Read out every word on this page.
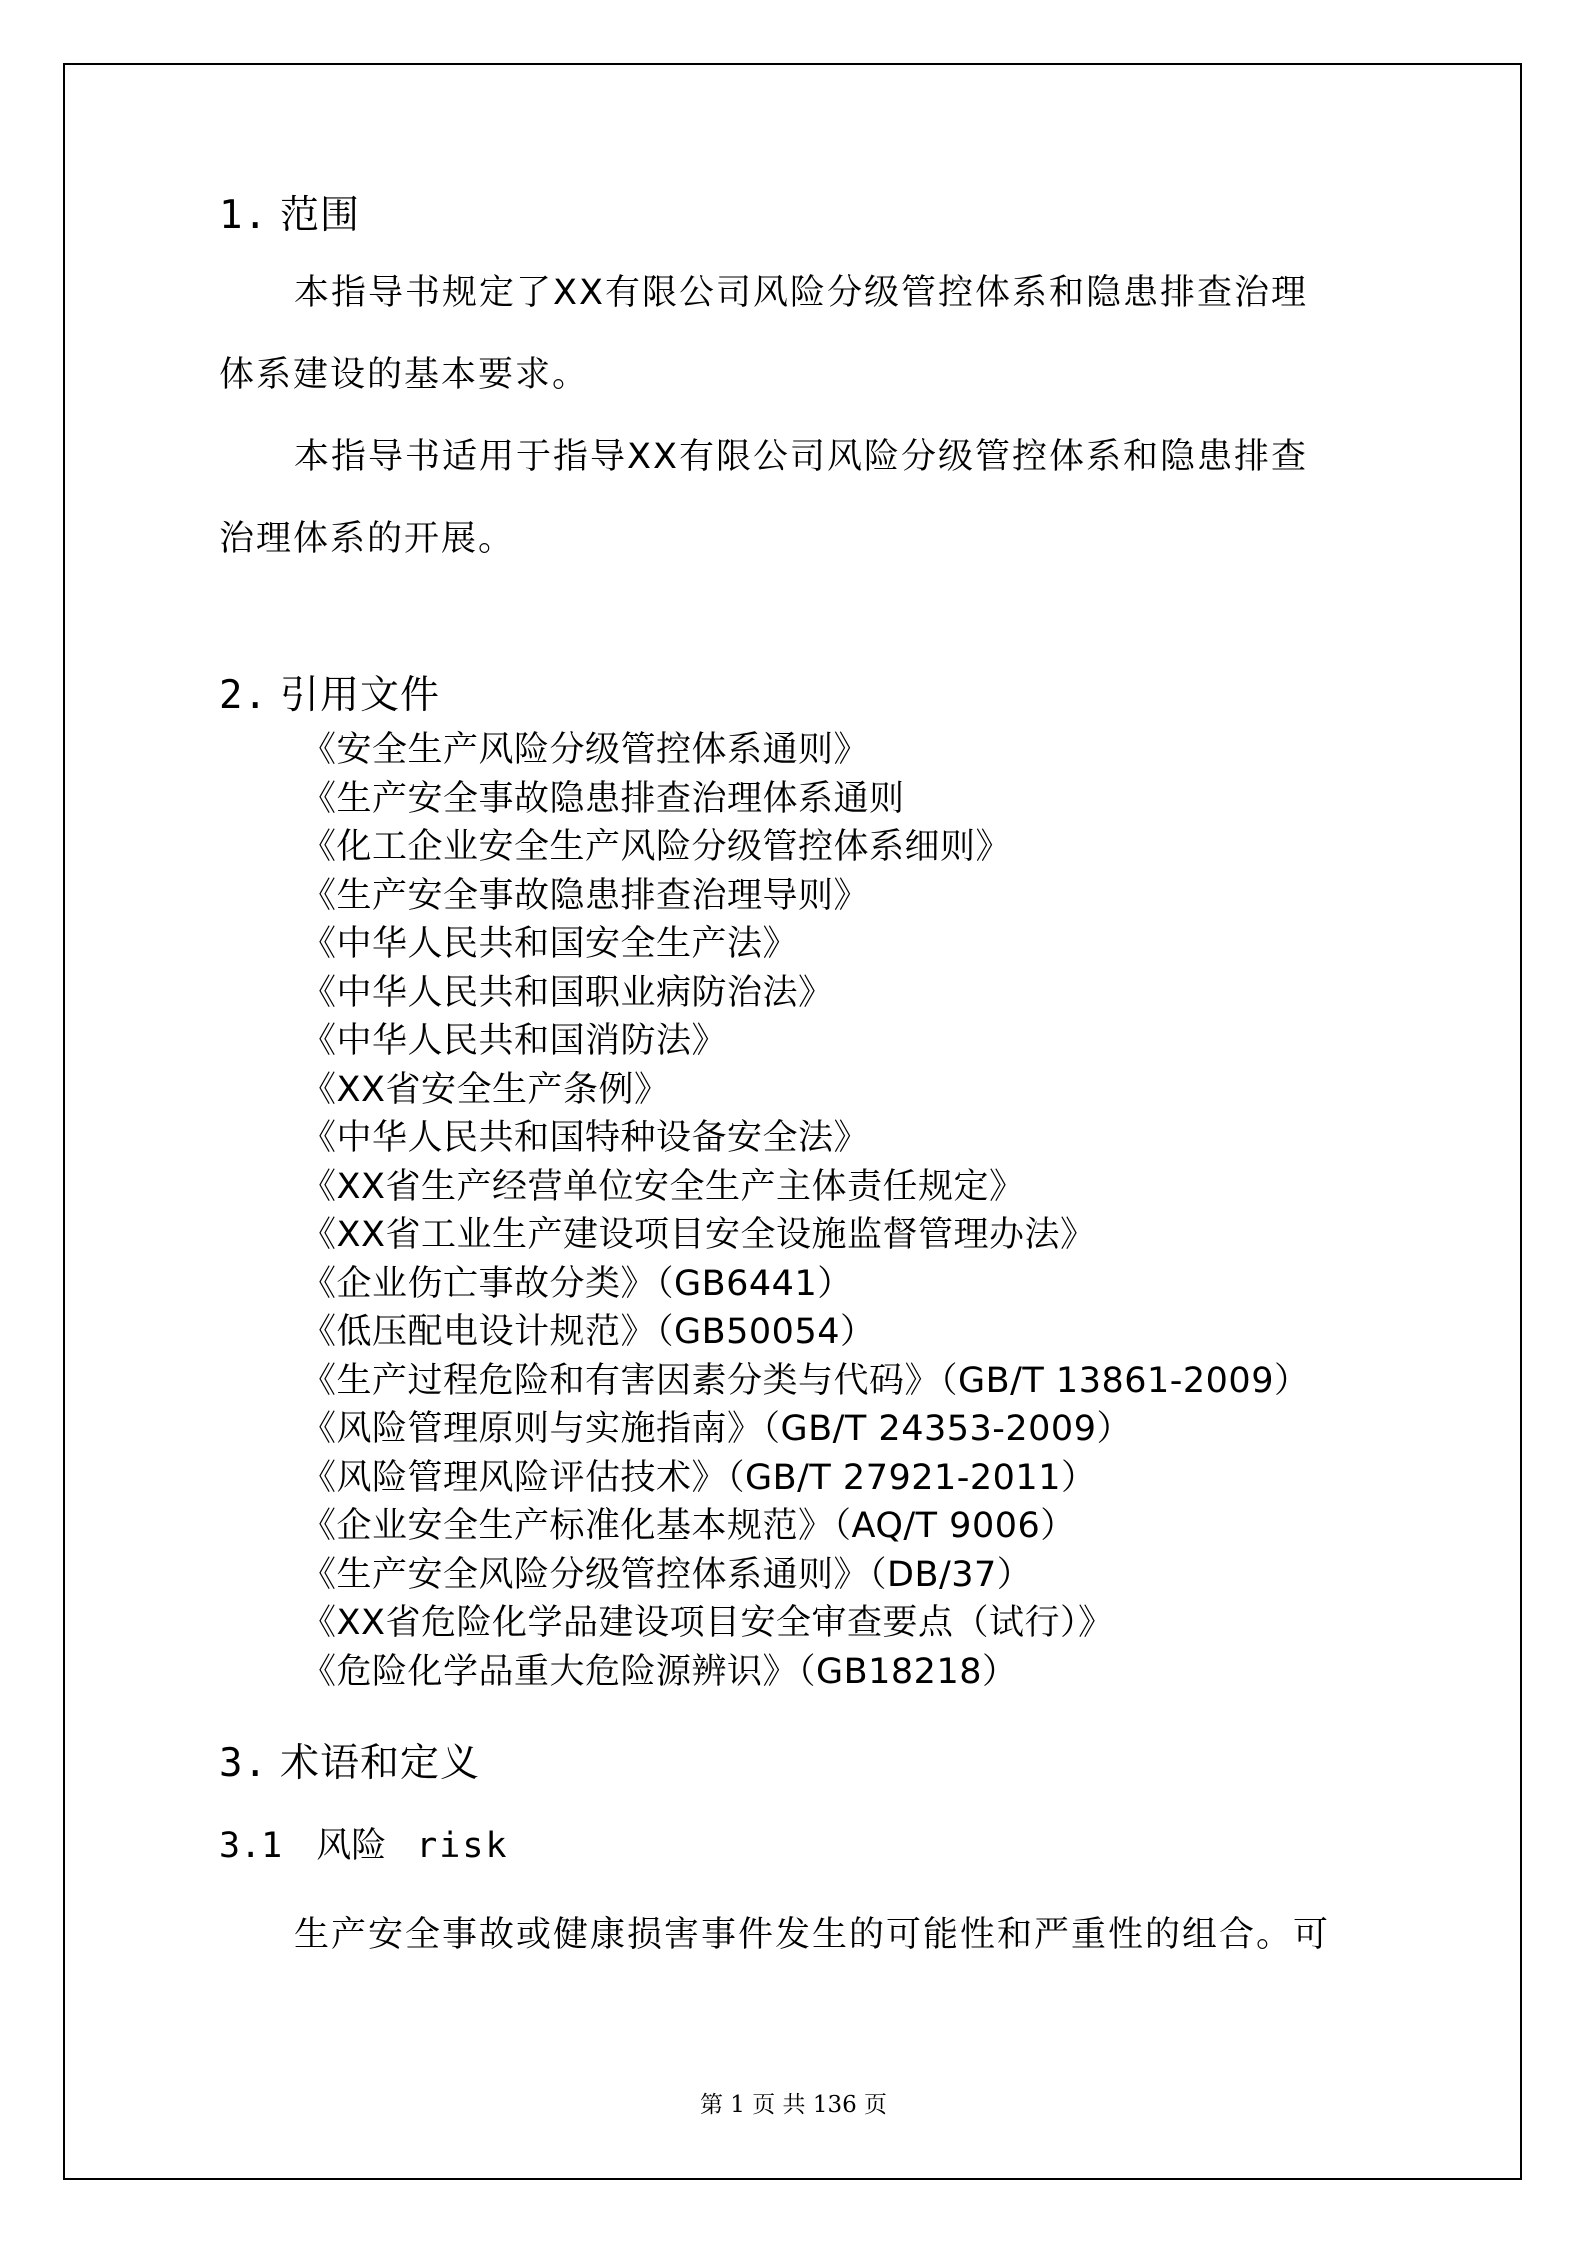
1. 范围

本指导书规定了XX有限公司风险分级管控体系和隐患排查治理
体系建设的基本要求。

本指导书适用于指导XX有限公司风险分级管控体系和隐患排查
治理体系的开展。

2. 引用文件
《安全生产风险分级管控体系通则》
《生产安全事故隐患排查治理体系通则
《化工企业安全生产风险分级管控体系细则》
《生产安全事故隐患排查治理导则》
《中华人民共和国安全生产法》
《中华人民共和国职业病防治法》
《中华人民共和国消防法》
《XX省安全生产条例》
《中华人民共和国特种设备安全法》
《XX省生产经营单位安全生产主体责任规定》
《XX省工业生产建设项目安全设施监督管理办法》
《企业伤亡事故分类》（GB6441）
《低压配电设计规范》（GB50054）
《生产过程危险和有害因素分类与代码》（GB/T 13861-2009）
《风险管理原则与实施指南》（GB/T 24353-2009）
《风险管理风险评估技术》（GB/T 27921-2011）
《企业安全生产标准化基本规范》（AQ/T 9006）
《生产安全风险分级管控体系通则》（DB/37）
《XX省危险化学品建设项目安全审查要点（试行）》
《危险化学品重大危险源辨识》（GB18218）
3. 术语和定义
3.1 风险 risk

生产安全事故或健康损害事件发生的可能性和严重性的组合。可

第 1 页 共 136 页
